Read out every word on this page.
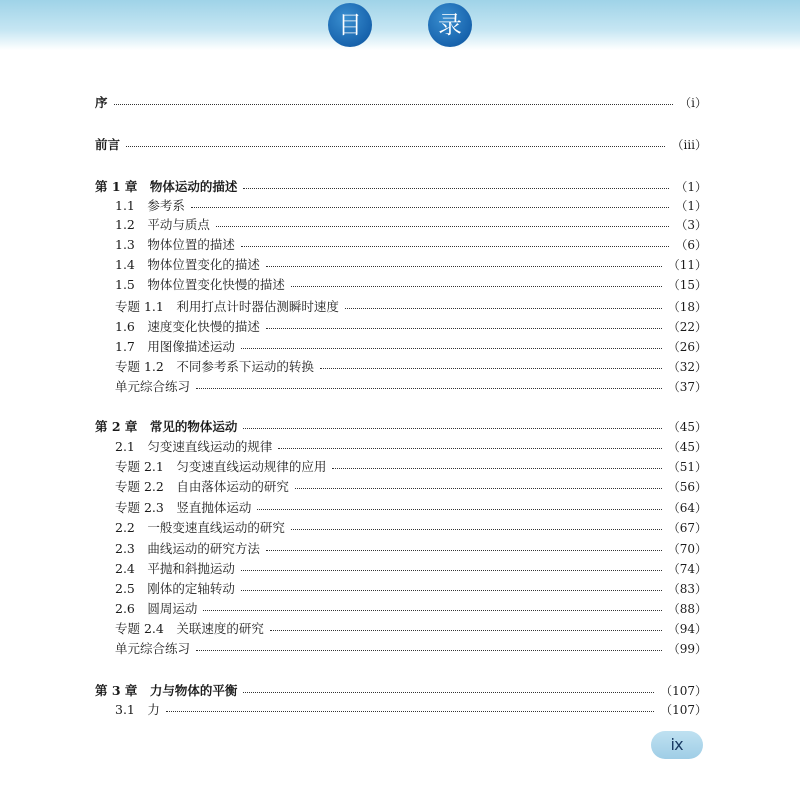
目	录
序	（ⅰ）
前言	（ⅲ）
第 1 章　物体运动的描述	（1）
1.1　参考系	（1）
1.2　平动与质点	（3）
1.3　物体位置的描述	（6）
1.4　物体位置变化的描述	（11）
1.5　物体位置变化快慢的描述	（15）
专题 1.1　利用打点计时器估测瞬时速度	（18）
1.6　速度变化快慢的描述	（22）
1.7　用图像描述运动	（26）
专题 1.2　不同参考系下运动的转换	（32）
单元综合练习	（37）
第 2 章　常见的物体运动	（45）
2.1　匀变速直线运动的规律	（45）
专题 2.1　匀变速直线运动规律的应用	（51）
专题 2.2　自由落体运动的研究	（56）
专题 2.3　竖直抛体运动	（64）
2.2　一般变速直线运动的研究	（67）
2.3　曲线运动的研究方法	（70）
2.4　平抛和斜抛运动	（74）
2.5　刚体的定轴转动	（83）
2.6　圆周运动	（88）
专题 2.4　关联速度的研究	（94）
单元综合练习	（99）
第 3 章　力与物体的平衡	（107）
3.1　力	（107）
ⅸ
